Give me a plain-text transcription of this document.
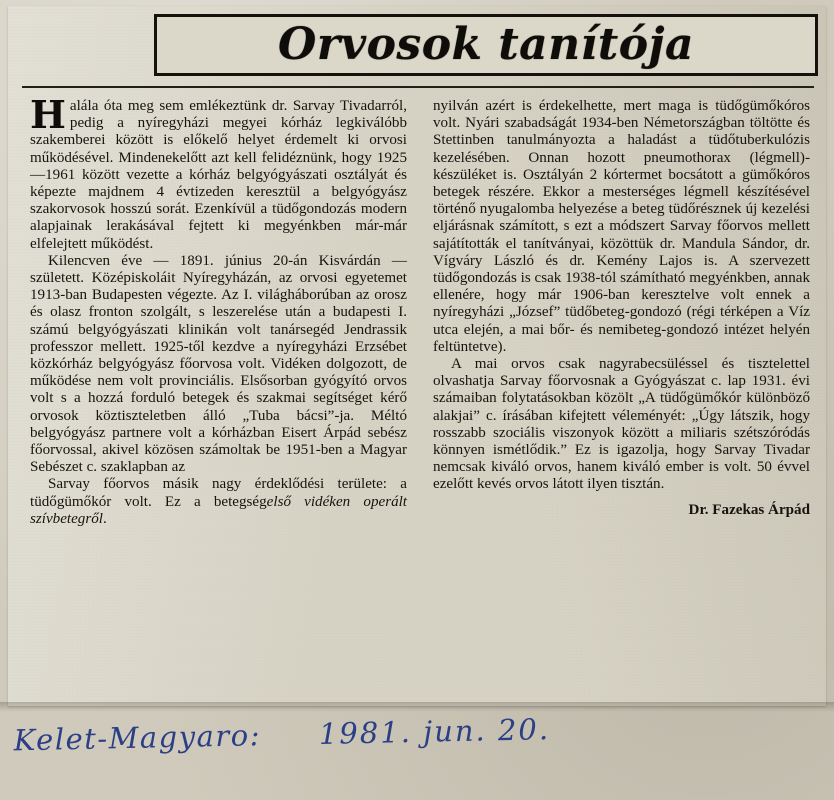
Orvosok tanítója

Halála óta meg sem emlékeztünk dr. Sarvay Tivadarról, pedig a nyíregyházi megyei kórház legkiválóbb szakemberei között is előkelő helyet érdemelt ki orvosi működésével. Mindenekelőtt azt kell felidéznünk, hogy 1925—1961 között vezette a kórház belgyógyászati osztályát és képezte majdnem 4 évtizeden keresztül a belgyógyász szakorvosok hosszú sorát. Ezenkívül a tüdőgondozás modern alapjainak lerakásával fejtett ki megyénkben már-már elfelejtett működést.

Kilencven éve — 1891. június 20-án Kisvárdán — született. Középiskoláit Nyíregyházán, az orvosi egyetemet 1913-ban Budapesten végezte. Az I. világháborúban az orosz és olasz fronton szolgált, s leszerelése után a budapesti I. számú belgyógyászati klinikán volt tanársegéd Jendrassik professzor mellett. 1925-től kezdve a nyíregyházi Erzsébet közkórház belgyógyász főorvosa volt. Vidéken dolgozott, de működése nem volt provinciális. Elsősorban gyógyító orvos volt s a hozzá forduló betegek és szakmai segítséget kérő orvosok köztiszteletben álló „Tuba bácsi”-ja. Méltó belgyógyász partnere volt a kórházban Eisert Árpád sebész főorvossal, akivel közösen számoltak be 1951-ben a Magyar Sebészet c. szaklapban az

Sarvay főorvos másik nagy érdeklődési területe: a tüdőgümőkór volt. Ez a betegségelső vidéken operált szívbetegről.

nyilván azért is érdekelhette, mert maga is tüdőgümőkóros volt. Nyári szabadságát 1934-ben Németországban töltötte és Stettinben tanulmányozta a haladást a tüdőtuberkulózis kezelésében. Onnan hozott pneumothorax (légmell)-készüléket is. Osztályán 2 kórtermet bocsátott a gümőkóros betegek részére. Ekkor a mesterséges légmell készítésével történő nyugalomba helyezése a beteg tüdőrésznek új kezelési eljárásnak számított, s ezt a módszert Sarvay főorvos mellett sajátították el tanítványai, közöttük dr. Mandula Sándor, dr. Vígváry László és dr. Kemény Lajos is. A szervezett tüdőgondozás is csak 1938-tól számítható megyénkben, annak ellenére, hogy már 1906-ban keresztelve volt ennek a nyíregyházi „József” tüdőbeteg-gondozó (régi térképen a Víz utca elején, a mai bőr- és nemibeteg-gondozó intézet helyén feltüntetve).

A mai orvos csak nagyrabecsüléssel és tisztelettel olvashatja Sarvay főorvosnak a Gyógyászat c. lap 1931. évi számaiban folytatásokban közölt „A tüdőgümőkór különböző alakjai” c. írásában kifejtett véleményét: „Úgy látszik, hogy rosszabb szociális viszonyok között a miliaris szétszóródás könnyen ismétlődik.” Ez is igazolja, hogy Sarvay Tivadar nemcsak kiváló orvos, hanem kiváló ember is volt. 50 évvel ezelőtt kevés orvos látott ilyen tisztán.

Dr. Fazekas Árpád
Kelet-Magyaro: 1981. jun. 20.
